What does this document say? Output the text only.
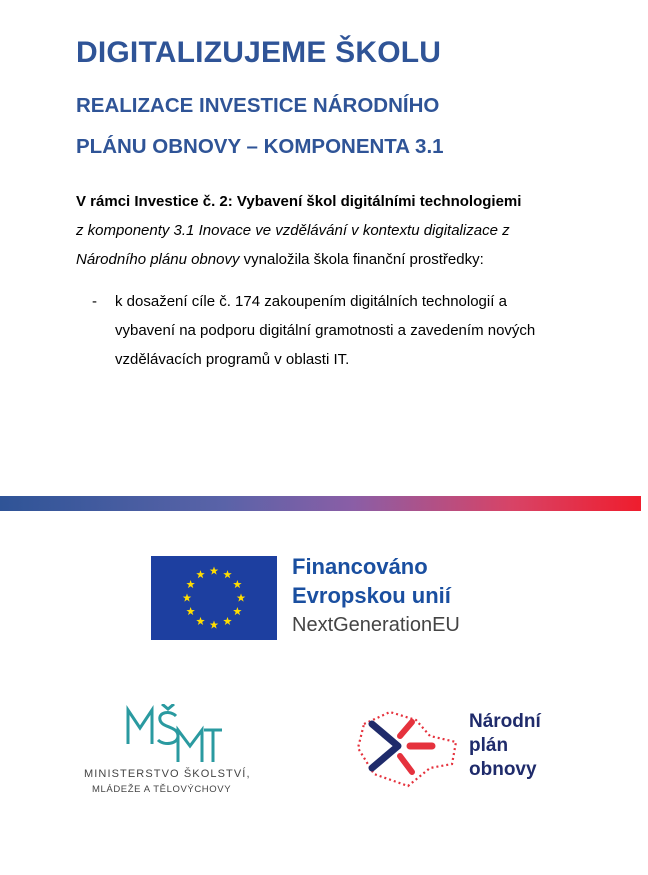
DIGITALIZUJEME ŠKOLU
REALIZACE INVESTICE NÁRODNÍHO
PLÁNU OBNOVY – KOMPONENTA 3.1
V rámci Investice č. 2: Vybavení škol digitálními technologiemi
z komponenty 3.1 Inovace ve vzdělávání v kontextu digitalizace z
Národního plánu obnovy vynaložila škola finanční prostředky:
- k dosažení cíle č. 174 zakoupením digitálních technologií a vybavení na podporu digitální gramotnosti a zavedením nových vzdělávacích programů v oblasti IT.
Financováno
Evropskou unií
NextGenerationEU
MINISTERSTVO ŠKOLSTVÍ,
MLÁDEŽE A TĚLOVÝCHOVY
Národní
plán
obnovy
